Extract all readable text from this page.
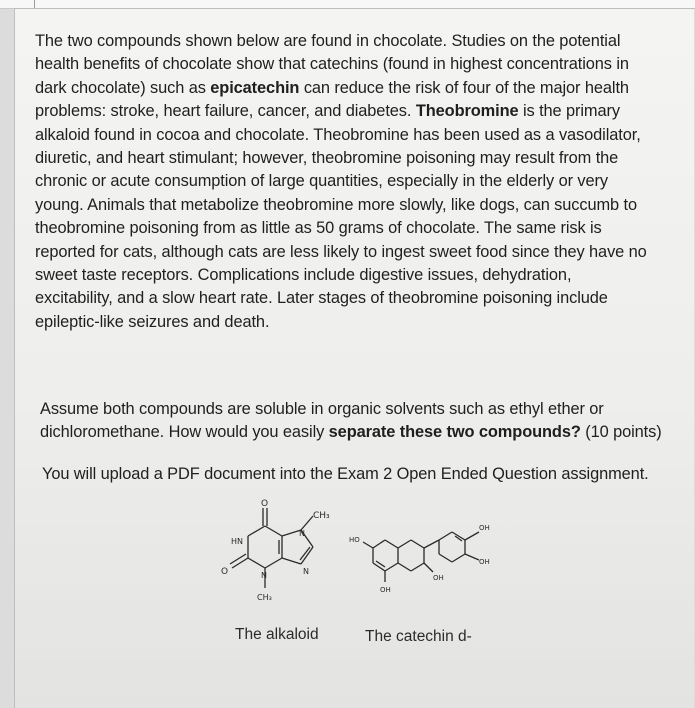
The two compounds shown below are found in chocolate. Studies on the potential
health benefits of chocolate show that catechins (found in highest concentrations in
dark chocolate) such as epicatechin can reduce the risk of four of the major health
problems: stroke, heart failure, cancer, and diabetes. Theobromine is the primary
alkaloid found in cocoa and chocolate. Theobromine has been used as a vasodilator,
diuretic, and heart stimulant; however, theobromine poisoning may result from the
chronic or acute consumption of large quantities, especially in the elderly or very
young. Animals that metabolize theobromine more slowly, like dogs, can succumb to
theobromine poisoning from as little as 50 grams of chocolate. The same risk is
reported for cats, although cats are less likely to ingest sweet food since they have no
sweet taste receptors. Complications include digestive issues, dehydration,
excitability, and a slow heart rate. Later stages of theobromine poisoning include
epileptic-like seizures and death.

Assume both compounds are soluble in organic solvents such as ethyl ether or
dichloromethane. How would you easily separate these two compounds? (10 points)

You will upload a PDF document into the Exam 2 Open Ended Question assignment.

O
CH₃
HN
N
N
N
O
CH₃
HO
OH
OH
OH
OH
The alkaloid	The catechin d-
